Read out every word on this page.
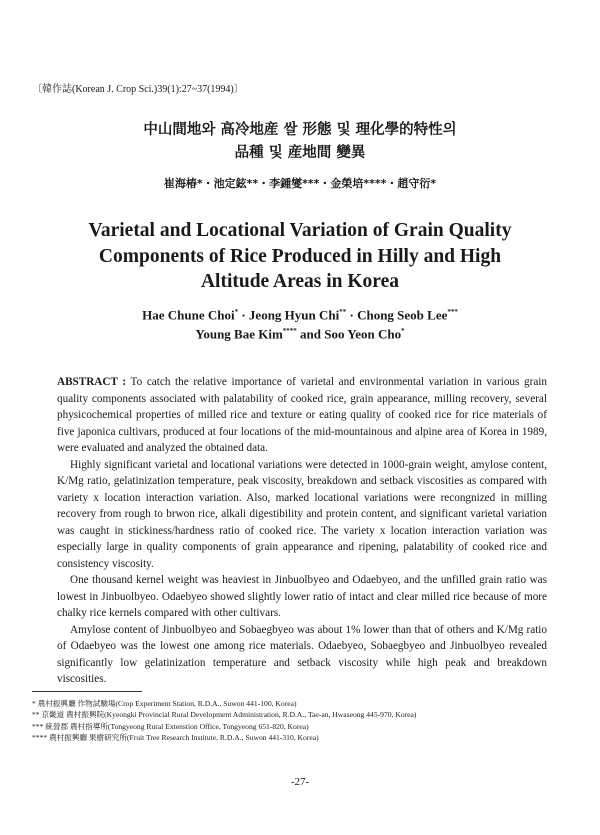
〔韓作誌(Korean J. Crop Sci.)39(1):27~37(1994)〕
中山間地와 高冷地産 쌀 形態 및 理化學的特性의
品種 및 産地間 變異
崔海椿*・池定鉉**・李鍾燮***・金榮培****・趙守衍*
Varietal and Locational Variation of Grain Quality
Components of Rice Produced in Hilly and High
Altitude Areas in Korea
Hae Chune Choi* · Jeong Hyun Chi** · Chong Seob Lee***
Young Bae Kim**** and Soo Yeon Cho*

ABSTRACT : To catch the relative importance of varietal and environmental variation in various grain quality components associated with palatability of cooked rice, grain appearance, milling recovery, several physicochemical properties of milled rice and texture or eating quality of cooked rice for rice materials of five japonica cultivars, produced at four locations of the mid-mountainous and alpine area of Korea in 1989, were evaluated and analyzed the obtained data.

Highly significant varietal and locational variations were detected in 1000-grain weight, amylose content, K/Mg ratio, gelatinization temperature, peak viscosity, breakdown and setback viscosities as compared with variety x location interaction variation. Also, marked locational variations were recongnized in milling recovery from rough to brwon rice, alkali digestibility and protein content, and significant varietal variation was caught in stickiness/hardness ratio of cooked rice. The variety x location interaction variation was especially large in quality components of grain appearance and ripening, palatability of cooked rice and consistency viscosity.

One thousand kernel weight was heaviest in Jinbuolbyeo and Odaebyeo, and the unfilled grain ratio was lowest in Jinbuolbyeo. Odaebyeo showed slightly lower ratio of intact and clear milled rice because of more chalky rice kernels compared with other cultivars.

Amylose content of Jinbuolbyeo and Sobaegbyeo was about 1% lower than that of others and K/Mg ratio of Odaebyeo was the lowest one among rice materials. Odaebyeo, Sobaegbyeo and Jinbuolbyeo revealed significantly low gelatinization temperature and setback viscosity while high peak and breakdown viscosities.

* 農村振興廳 作物試驗場(Crop Experiment Station, R.D.A., Suwon 441-100, Korea)
** 京畿道 農村振興院(Kyeongki Provincial Rural Development Administration, R.D.A., Tae-an, Hwaseong 445-970, Korea)
*** 統營郡 農村指導所(Tongyeong Rural Extenstion Office, Tongyeong 651-820, Korea)
**** 農村振興廳 果樹研究所(Fruit Tree Research Institute, R.D.A., Suwon 441-310, Korea)
-27-
